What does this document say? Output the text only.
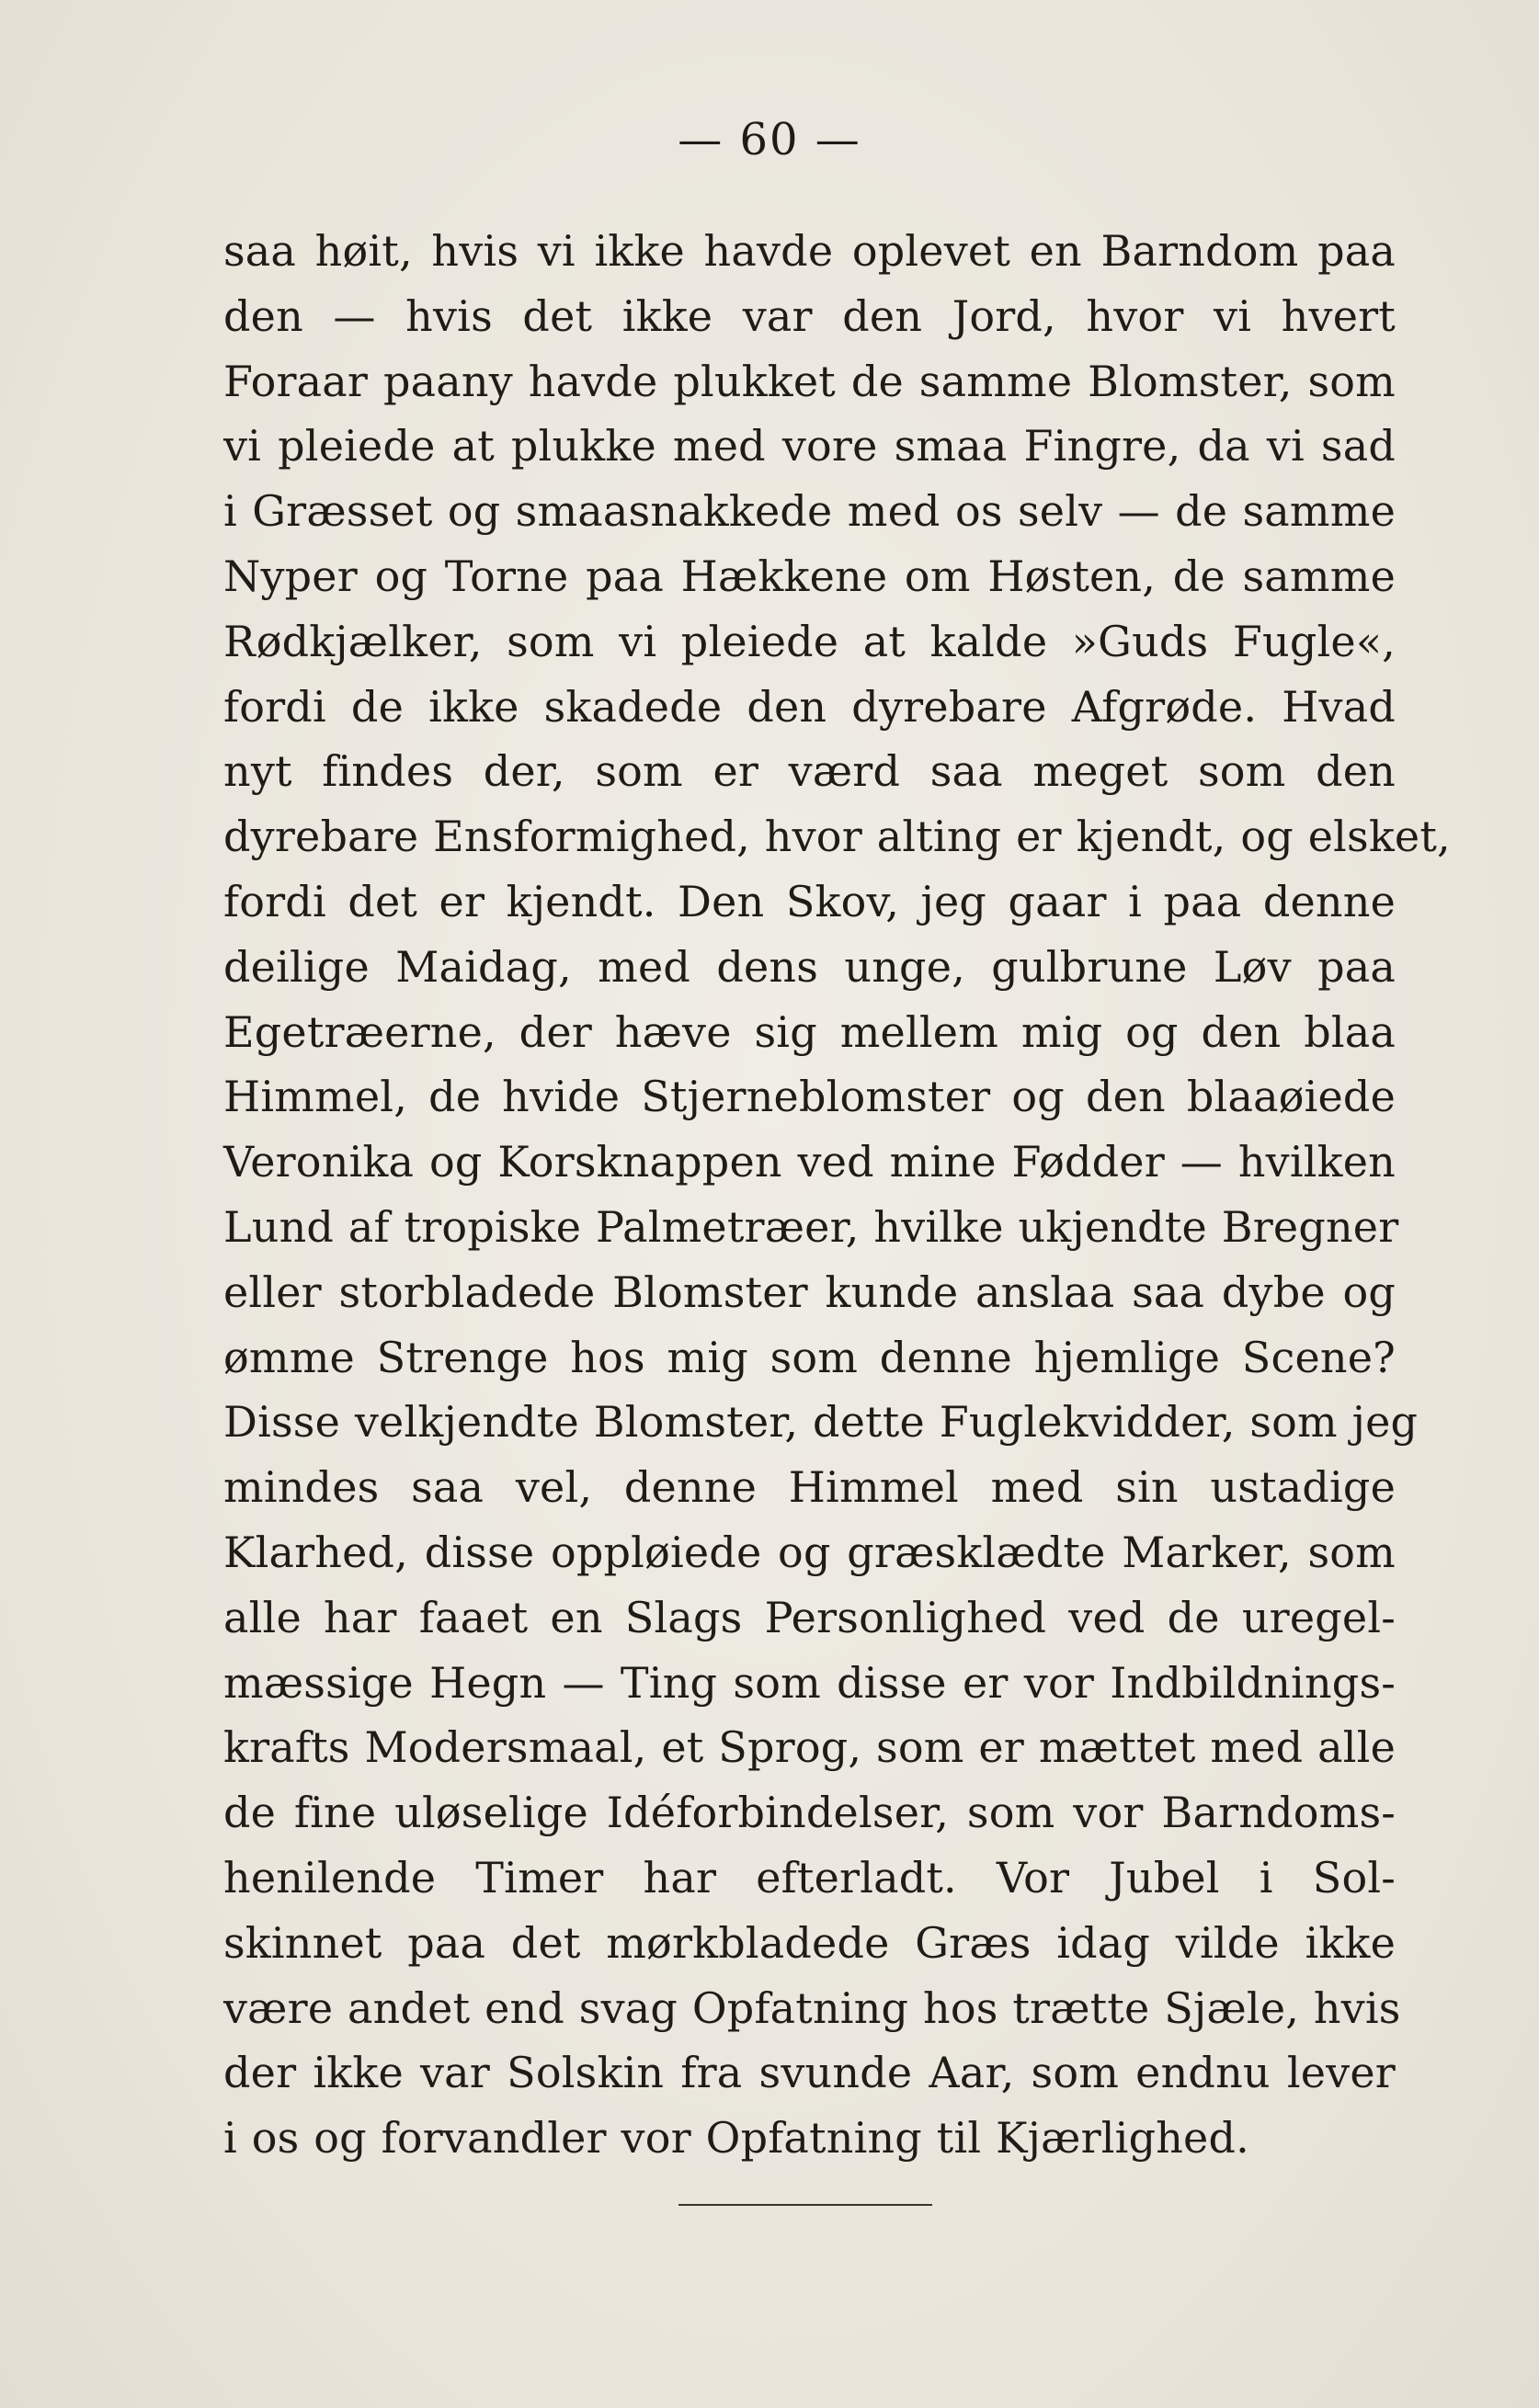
— 60 —
saa høit, hvis vi ikke havde oplevet en Barndom paa
den — hvis det ikke var den Jord, hvor vi hvert
Foraar paany havde plukket de samme Blomster, som
vi pleiede at plukke med vore smaa Fingre, da vi sad
i Græsset og smaasnakkede med os selv — de samme
Nyper og Torne paa Hækkene om Høsten, de samme
Rødkjælker, som vi pleiede at kalde »Guds Fugle«,
fordi de ikke skadede den dyrebare Afgrøde. Hvad
nyt findes der, som er værd saa meget som den
dyrebare Ensformighed, hvor alting er kjendt, og elsket,
fordi det er kjendt. Den Skov, jeg gaar i paa denne
deilige Maidag, med dens unge, gulbrune Løv paa
Egetræerne, der hæve sig mellem mig og den blaa
Himmel, de hvide Stjerneblomster og den blaaøiede
Veronika og Korsknappen ved mine Fødder — hvilken
Lund af tropiske Palmetræer, hvilke ukjendte Bregner
eller storbladede Blomster kunde anslaa saa dybe og
ømme Strenge hos mig som denne hjemlige Scene?
Disse velkjendte Blomster, dette Fuglekvidder, som jeg
mindes saa vel, denne Himmel med sin ustadige
Klarhed, disse oppløiede og græsklædte Marker, som
alle har faaet en Slags Personlighed ved de uregel-
mæssige Hegn — Ting som disse er vor Indbildnings-
krafts Modersmaal, et Sprog, som er mættet med alle
de fine uløselige Idéforbindelser, som vor Barndoms-
henilende Timer har efterladt. Vor Jubel i Sol-
skinnet paa det mørkbladede Græs idag vilde ikke
være andet end svag Opfatning hos trætte Sjæle, hvis
der ikke var Solskin fra svunde Aar, som endnu lever
i os og forvandler vor Opfatning til Kjærlighed.
